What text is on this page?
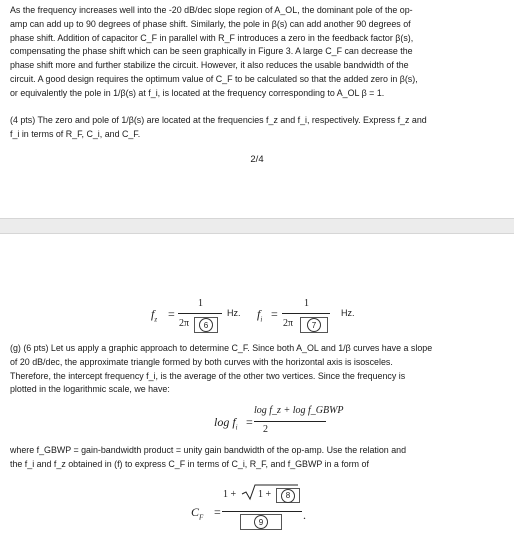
As the frequency increases well into the -20 dB/dec slope region of A_OL, the dominant pole of the op-
amp can add up to 90 degrees of phase shift. Similarly, the pole in β(s) can add another 90 degrees of
phase shift. Addition of capacitor C_F in parallel with R_F introduces a zero in the feedback factor β(s),
compensating the phase shift which can be seen graphically in Figure 3. A large C_F can decrease the
phase shift more and further stabilize the circuit. However, it also reduces the usable bandwidth of the
circuit. A good design requires the optimum value of C_F to be calculated so that the added zero in β(s),
or equivalently the pole in 1/β(s) at f_i, is located at the frequency corresponding to A_OL β = 1.
(4 pts) The zero and pole of 1/β(s) are located at the frequencies f_z and f_i, respectively. Express f_z and
f_i in terms of R_F, C_i, and C_F.
2/4
$f_z$ =
1
2π	6
Hz. $f_i$ =
1
2π	7
Hz.
(g) (6 pts) Let us apply a graphic approach to determine C_F. Since both A_OL and 1/β curves have a slope
of 20 dB/dec, the approximate triangle formed by both curves with the horizontal axis is isosceles.
Therefore, the intercept frequency f_i, is the average of the other two vertices. Since the frequency is
plotted in the logarithmic scale, we have:
$\log f_i$ =
log f_z + log f_GBWP
2
where f_GBWP = gain-bandwidth product = unity gain bandwidth of the op-amp. Use the relation and
the f_i and f_z obtained in (f) to express C_F in terms of C_i, R_F, and f_GBWP in a form of
$C_F$ =
1 + 1 +	8
9	.
